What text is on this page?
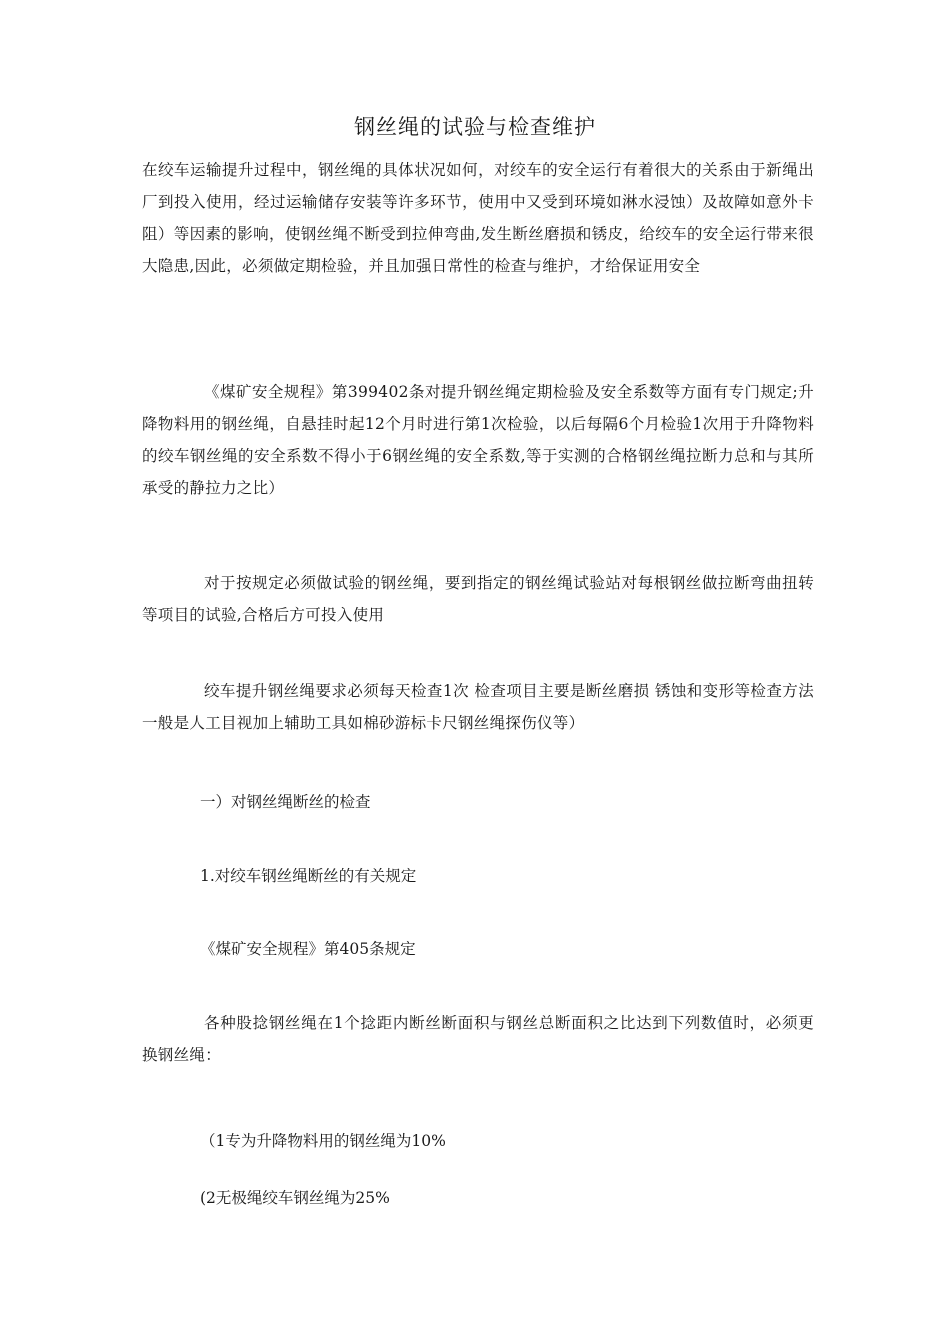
钢丝绳的试验与检查维护

在绞车运输提升过程中，钢丝绳的具体状况如何，对绞车的安全运行有着很大的关系由于新绳出厂到投入使用，经过运输储存安装等许多环节，使用中又受到环境如淋水浸蚀）及故障如意外卡阻）等因素的影响，使钢丝绳不断受到拉伸弯曲,发生断丝磨损和锈皮，给绞车的安全运行带来很大隐患,因此，必须做定期检验，并且加强日常性的检查与维护，才给保证用安全

《煤矿安全规程》第399402条对提升钢丝绳定期检验及安全系数等方面有专门规定;升降物料用的钢丝绳，自悬挂时起12个月时进行第1次检验，以后每隔6个月检验1次用于升降物料的绞车钢丝绳的安全系数不得小于6钢丝绳的安全系数,等于实测的合格钢丝绳拉断力总和与其所承受的静拉力之比）

对于按规定必须做试验的钢丝绳，要到指定的钢丝绳试验站对每根钢丝做拉断弯曲扭转等项目的试验,合格后方可投入使用

绞车提升钢丝绳要求必须每天检查1次 检查项目主要是断丝磨损 锈蚀和变形等检查方法一般是人工目视加上辅助工具如棉砂游标卡尺钢丝绳探伤仪等）

一）对钢丝绳断丝的检查

1.对绞车钢丝绳断丝的有关规定

《煤矿安全规程》第405条规定

各种股捻钢丝绳在1个捻距内断丝断面积与钢丝总断面积之比达到下列数值时，必须更换钢丝绳：

（1专为升降物料用的钢丝绳为10%

(2无极绳绞车钢丝绳为25%
